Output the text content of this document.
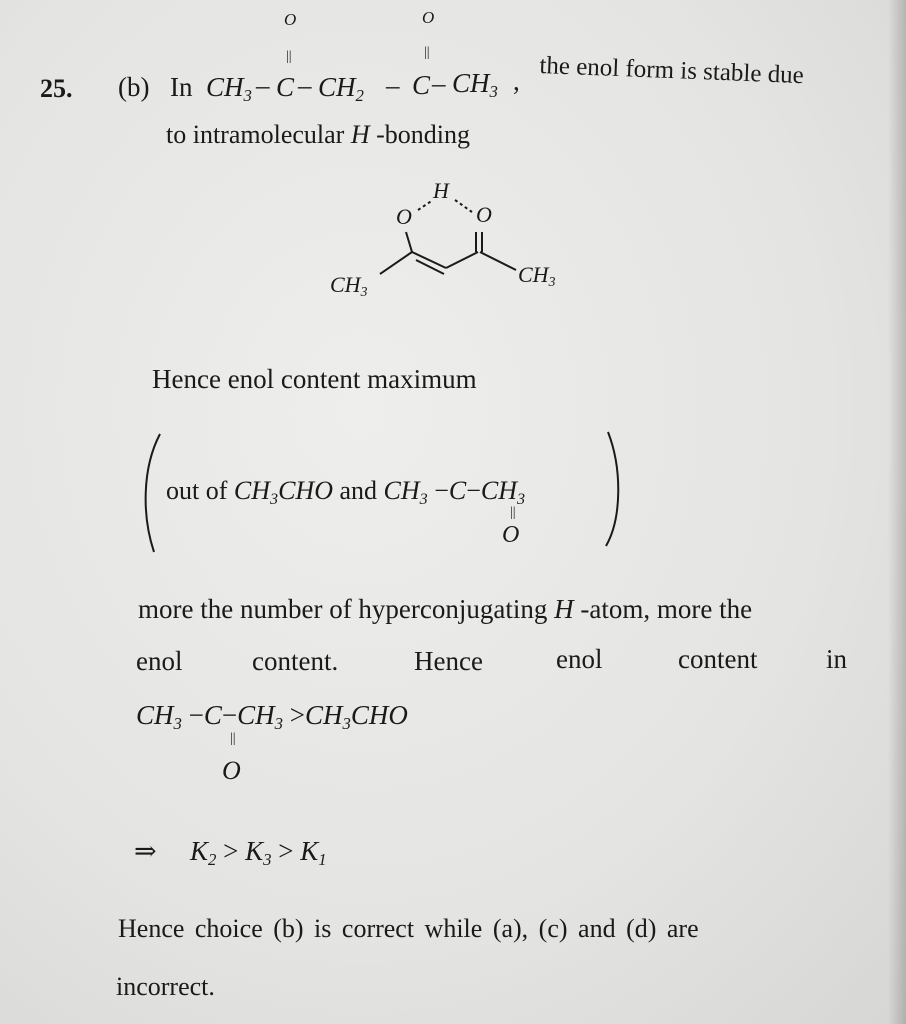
25. (b) In $CH_3$ – C
O
||
– $CH_2$ – C
O
||
– $CH_3$ , the enol form is stable due
to intramolecular H -bonding
H
O	O
$CH_3$
$CH_3$
Hence enol content maximum
out of $CH_3CHO$ and $CH_3 -C-CH_3$
||
O
more the number of hyperconjugating H -atom, more the
enol	content.	Hence	enol	content	in
$CH_3 -C-CH_3 >CH_3CHO$
||
O
⇒ $K_2 > K_3 > K_1$
Hence choice (b) is correct while (a), (c) and (d) are
incorrect.
